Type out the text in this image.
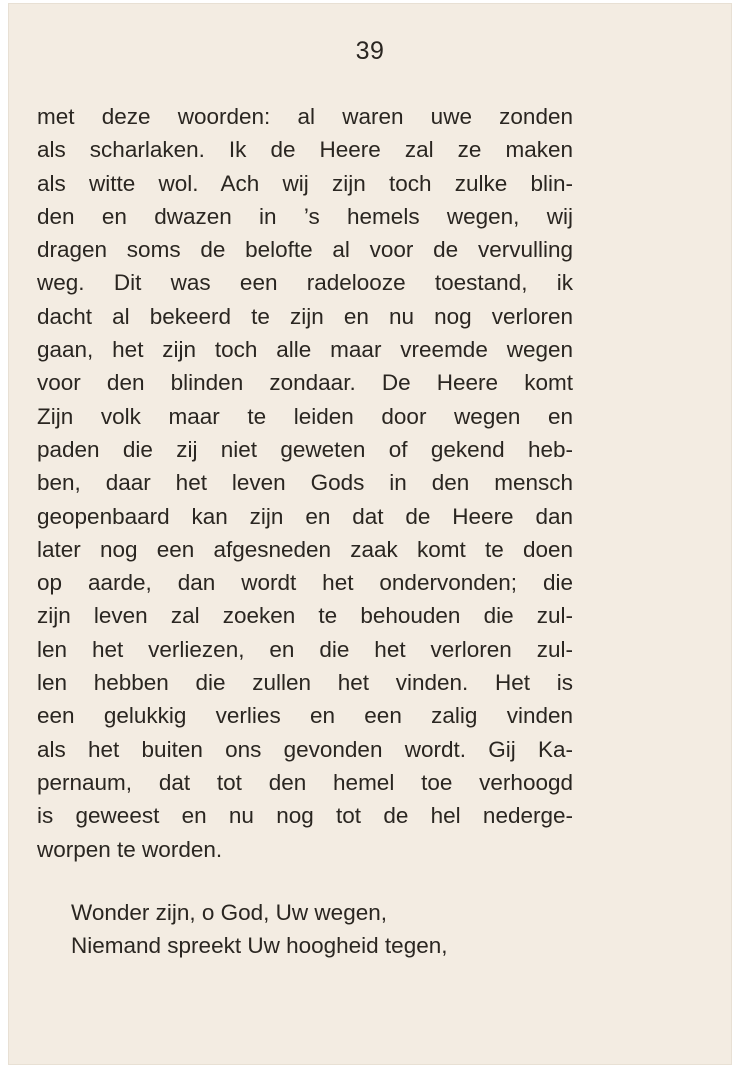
39
met deze woorden: al waren uwe zonden
als scharlaken. Ik de Heere zal ze maken
als witte wol. Ach wij zijn toch zulke blin-
den en dwazen in ’s hemels wegen, wij
dragen soms de belofte al voor de vervulling
weg. Dit was een radelooze toestand, ik
dacht al bekeerd te zijn en nu nog verloren
gaan, het zijn toch alle maar vreemde wegen
voor den blinden zondaar. De Heere komt
Zijn volk maar te leiden door wegen en
paden die zij niet geweten of gekend heb-
ben, daar het leven Gods in den mensch
geopenbaard kan zijn en dat de Heere dan
later nog een afgesneden zaak komt te doen
op aarde, dan wordt het ondervonden; die
zijn leven zal zoeken te behouden die zul-
len het verliezen, en die het verloren zul-
len hebben die zullen het vinden. Het is
een gelukkig verlies en een zalig vinden
als het buiten ons gevonden wordt. Gij Ka-
pernaum, dat tot den hemel toe verhoogd
is geweest en nu nog tot de hel nederge-
worpen te worden.
Wonder zijn, o God, Uw wegen,
Niemand spreekt Uw hoogheid tegen,
